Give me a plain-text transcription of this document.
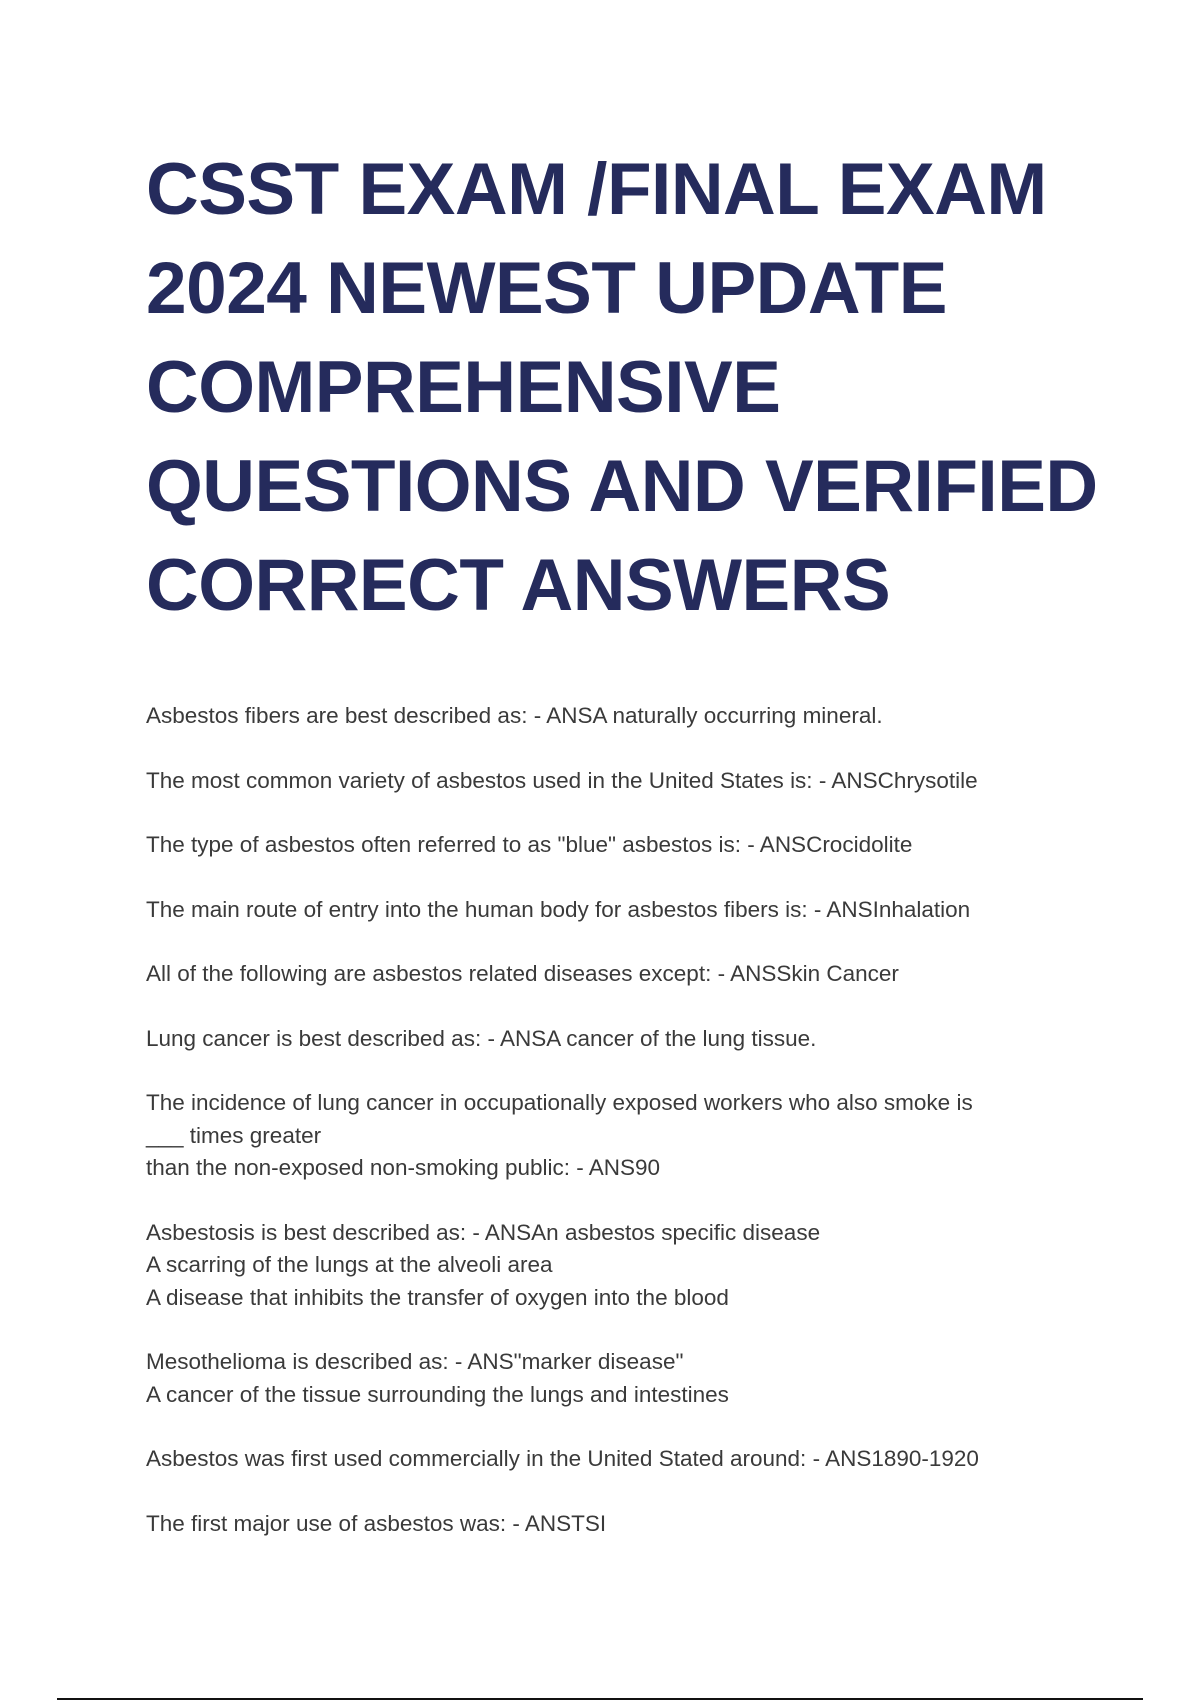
CSST EXAM /FINAL EXAM
2024 NEWEST UPDATE
COMPREHENSIVE
QUESTIONS AND VERIFIED
CORRECT ANSWERS

Asbestos fibers are best described as: - ANSA naturally occurring mineral.

The most common variety of asbestos used in the United States is: - ANSChrysotile

The type of asbestos often referred to as "blue" asbestos is: - ANSCrocidolite

The main route of entry into the human body for asbestos fibers is: - ANSInhalation

All of the following are asbestos related diseases except: - ANSSkin Cancer

Lung cancer is best described as: - ANSA cancer of the lung tissue.

The incidence of lung cancer in occupationally exposed workers who also smoke is
___ times greater
than the non-exposed non-smoking public: - ANS90

Asbestosis is best described as: - ANSAn asbestos specific disease
A scarring of the lungs at the alveoli area
A disease that inhibits the transfer of oxygen into the blood

Mesothelioma is described as: - ANS"marker disease"
A cancer of the tissue surrounding the lungs and intestines

Asbestos was first used commercially in the United Stated around: - ANS1890-1920

The first major use of asbestos was: - ANSTSI
